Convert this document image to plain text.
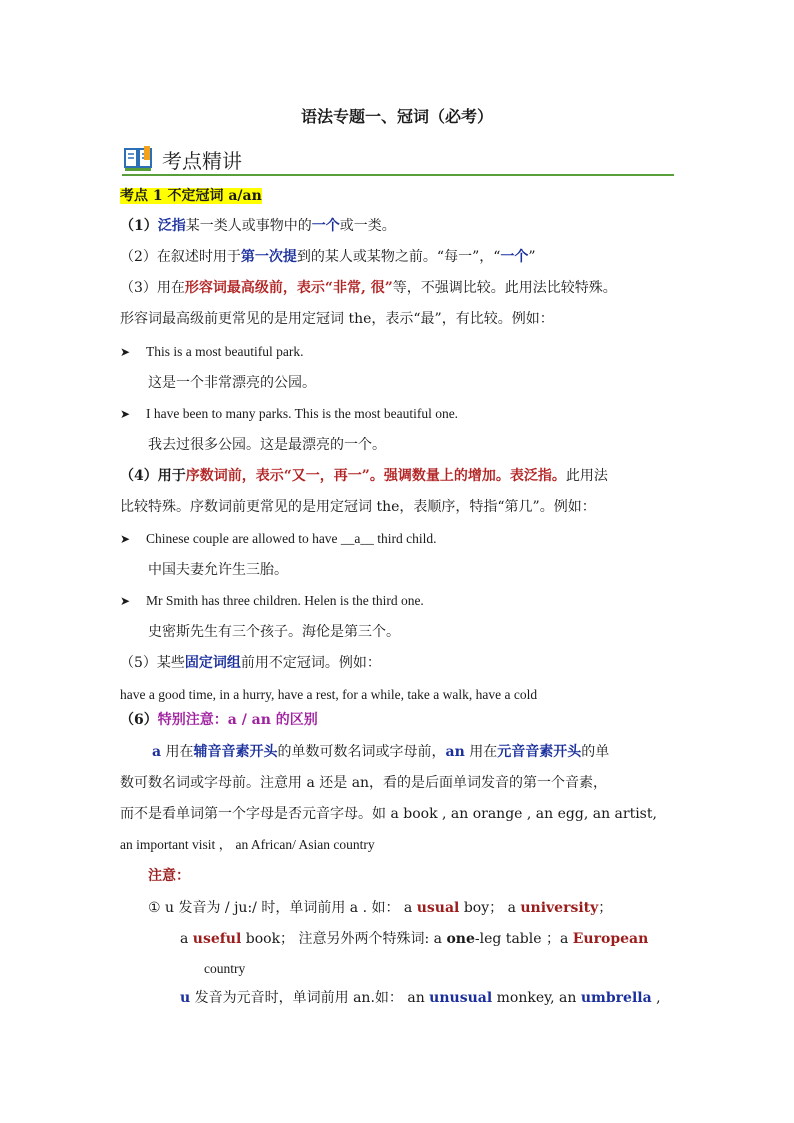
语法专题一、冠词（必考）
考点精讲
考点 1 不定冠词 a/an
（1）泛指某一类人或事物中的一个或一类。
（2）在叙述时用于第一次提到的某人或某物之前。“每一”，“一个”
（3）用在形容词最高级前，表示“非常, 很”等，不强调比较。此用法比较特殊。
形容词最高级前更常见的是用定冠词 the，表示“最”，有比较。例如：
➤ This is a most beautiful park.
这是一个非常漂亮的公园。
➤ I have been to many parks. This is the most beautiful one.
我去过很多公园。这是最漂亮的一个。
（4）用于序数词前，表示“又一，再一”。强调数量上的增加。表泛指。此用法
比较特殊。序数词前更常见的是用定冠词 the，表顺序，特指“第几”。例如：
➤ Chinese couple are allowed to have __a__ third child.
中国夫妻允许生三胎。
➤ Mr Smith has three children. Helen is the third one.
史密斯先生有三个孩子。海伦是第三个。
（5）某些固定词组前用不定冠词。例如：
have a good time, in a hurry, have a rest, for a while, take a walk, have a cold
（6）特别注意：a / an 的区别
a 用在辅音音素开头的单数可数名词或字母前，an 用在元音音素开头的单
数可数名词或字母前。注意用 a 还是 an，看的是后面单词发音的第一个音素，
而不是看单词第一个字母是否元音字母。如 a book , an orange , an egg, an artist,
an important visit ， an African/ Asian country
注意：
① u 发音为 / ju:/ 时，单词前用 a . 如： a usual boy； a university；
a useful book； 注意另外两个特殊词: a one-leg table ；a European
country
u 发音为元音时，单词前用 an.如： an unusual monkey, an umbrella ,
